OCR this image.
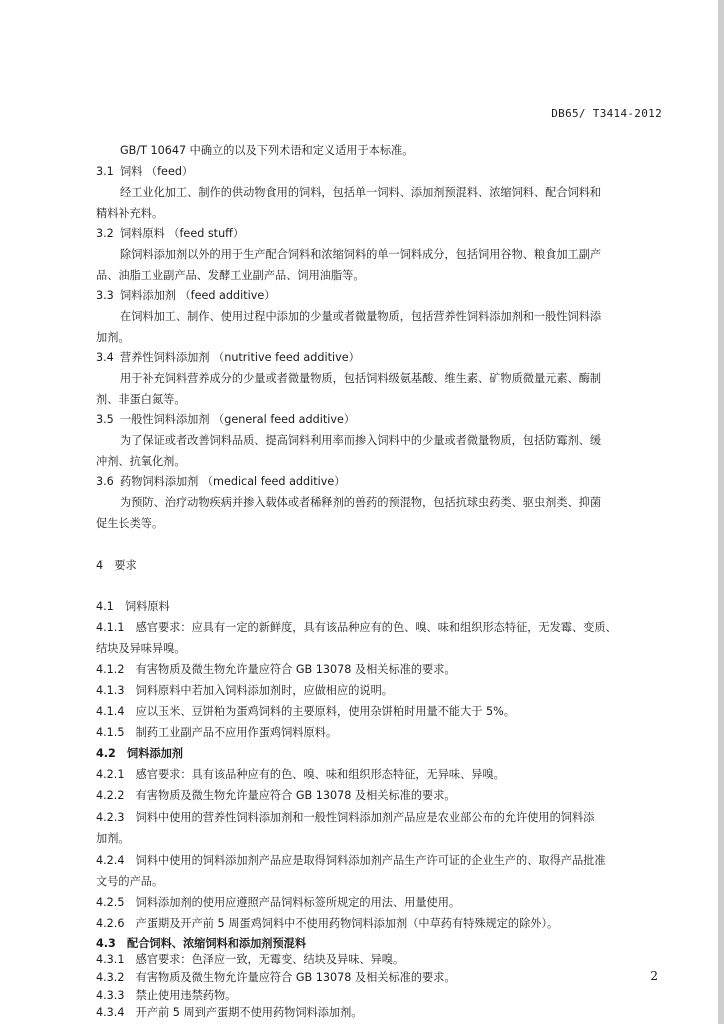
DB65/ T3414-2012
GB/T 10647 中确立的以及下列术语和定义适用于本标准。
3.1 饲料 （feed）
经工业化加工、制作的供动物食用的饲料，包括单一饲料、添加剂预混料、浓缩饲料、配合饲料和
精料补充料。
3.2 饲料原料 （feed stuff）
除饲料添加剂以外的用于生产配合饲料和浓缩饲料的单一饲料成分，包括饲用谷物、粮食加工副产
品、油脂工业副产品、发酵工业副产品、饲用油脂等。
3.3 饲料添加剂 （feed additive）
在饲料加工、制作、使用过程中添加的少量或者微量物质，包括营养性饲料添加剂和一般性饲料添
加剂。
3.4 营养性饲料添加剂 （nutritive feed additive）
用于补充饲料营养成分的少量或者微量物质，包括饲料级氨基酸、维生素、矿物质微量元素、酶制
剂、非蛋白氮等。
3.5 一般性饲料添加剂 （general feed additive）
为了保证或者改善饲料品质、提高饲料利用率而掺入饲料中的少量或者微量物质，包括防霉剂、缓
冲剂、抗氧化剂。
3.6 药物饲料添加剂 （medical feed additive）
为预防、治疗动物疾病并掺入载体或者稀释剂的兽药的预混物，包括抗球虫药类、驱虫剂类、抑菌
促生长类等。
4　要求
4.1　饲料原料
4.1.1　感官要求：应具有一定的新鲜度，具有该品种应有的色、嗅、味和组织形态特征，无发霉、变质、
结块及异味异嗅。
4.1.2　有害物质及微生物允许量应符合 GB 13078 及相关标准的要求。
4.1.3　饲料原料中若加入饲料添加剂时，应做相应的说明。
4.1.4　应以玉米、豆饼粕为蛋鸡饲料的主要原料，使用杂饼粕时用量不能大于 5%。
4.1.5　制药工业副产品不应用作蛋鸡饲料原料。
4.2　饲料添加剂
4.2.1　感官要求：具有该品种应有的色、嗅、味和组织形态特征，无异味、异嗅。
4.2.2　有害物质及微生物允许量应符合 GB 13078 及相关标准的要求。
4.2.3　饲料中使用的营养性饲料添加剂和一般性饲料添加剂产品应是农业部公布的允许使用的饲料添
加剂。
4.2.4　饲料中使用的饲料添加剂产品应是取得饲料添加剂产品生产许可证的企业生产的、取得产品批准
文号的产品。
4.2.5　饲料添加剂的使用应遵照产品饲料标签所规定的用法、用量使用。
4.2.6　产蛋期及开产前 5 周蛋鸡饲料中不使用药物饲料添加剂（中草药有特殊规定的除外）。
4.3　配合饲料、浓缩饲料和添加剂预混料
4.3.1　感官要求：色泽应一致，无霉变、结块及异味、异嗅。
4.3.2　有害物质及微生物允许量应符合 GB 13078 及相关标准的要求。
4.3.3　禁止使用违禁药物。
4.3.4　开产前 5 周到产蛋期不使用药物饲料添加剂。
2
